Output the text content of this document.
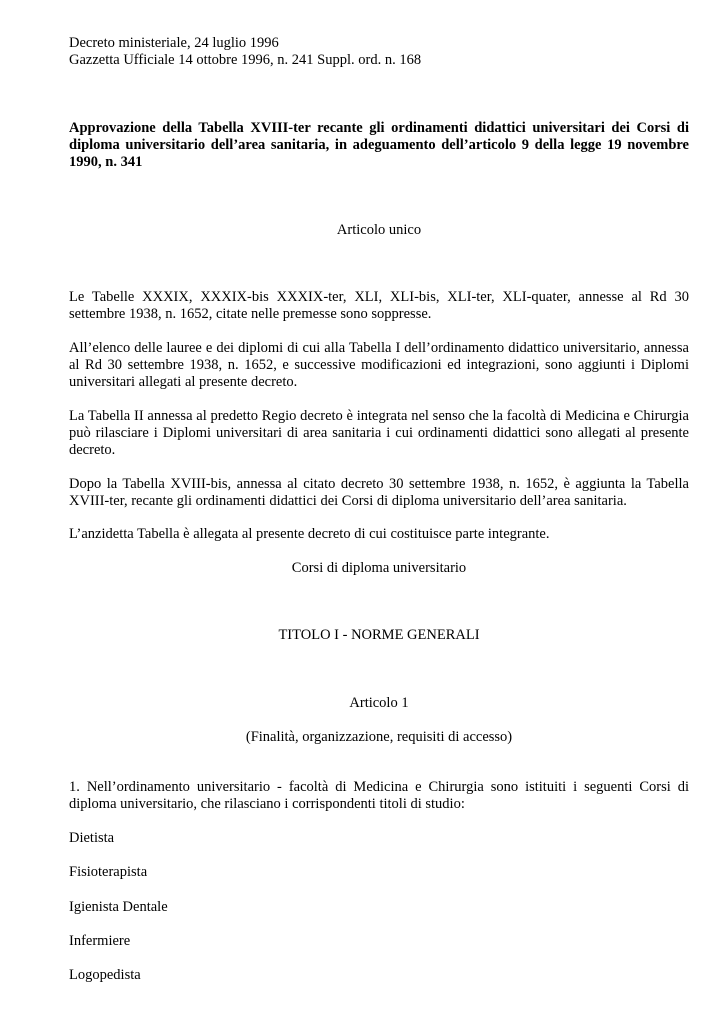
Decreto ministeriale, 24 luglio 1996

Gazzetta Ufficiale 14 ottobre 1996, n. 241 Suppl. ord. n. 168

Approvazione della Tabella XVIII-ter recante gli ordinamenti didattici universitari dei Corsi di diploma universitario dell’area sanitaria, in adeguamento dell’articolo 9 della legge 19 novembre 1990, n. 341

Articolo unico
Le Tabelle XXXIX, XXXIX-bis XXXIX-ter, XLI, XLI-bis, XLI-ter, XLI-quater, annesse al Rd 30 settembre 1938, n. 1652, citate nelle premesse sono soppresse.
All’elenco delle lauree e dei diplomi di cui alla Tabella I dell’ordinamento didattico universitario, annessa al Rd 30 settembre 1938, n. 1652, e successive modificazioni ed integrazioni, sono aggiunti i Diplomi universitari allegati al presente decreto.
La Tabella II annessa al predetto Regio decreto è integrata nel senso che la facoltà di Medicina e Chirurgia può rilasciare i Diplomi universitari di area sanitaria i cui ordinamenti didattici sono allegati al presente decreto.
Dopo la Tabella XVIII-bis, annessa al citato decreto 30 settembre 1938, n. 1652, è aggiunta la Tabella XVIII-ter, recante gli ordinamenti didattici dei Corsi di diploma universitario dell’area sanitaria.
L’anzidetta Tabella è allegata al presente decreto di cui costituisce parte integrante.
Corsi di diploma universitario
TITOLO I - NORME GENERALI
Articolo 1
(Finalità, organizzazione, requisiti di accesso)
1. Nell’ordinamento universitario - facoltà di Medicina e Chirurgia sono istituiti i seguenti Corsi di diploma universitario, che rilasciano i corrispondenti titoli di studio:
Dietista
Fisioterapista
Igienista Dentale
Infermiere
Logopedista
